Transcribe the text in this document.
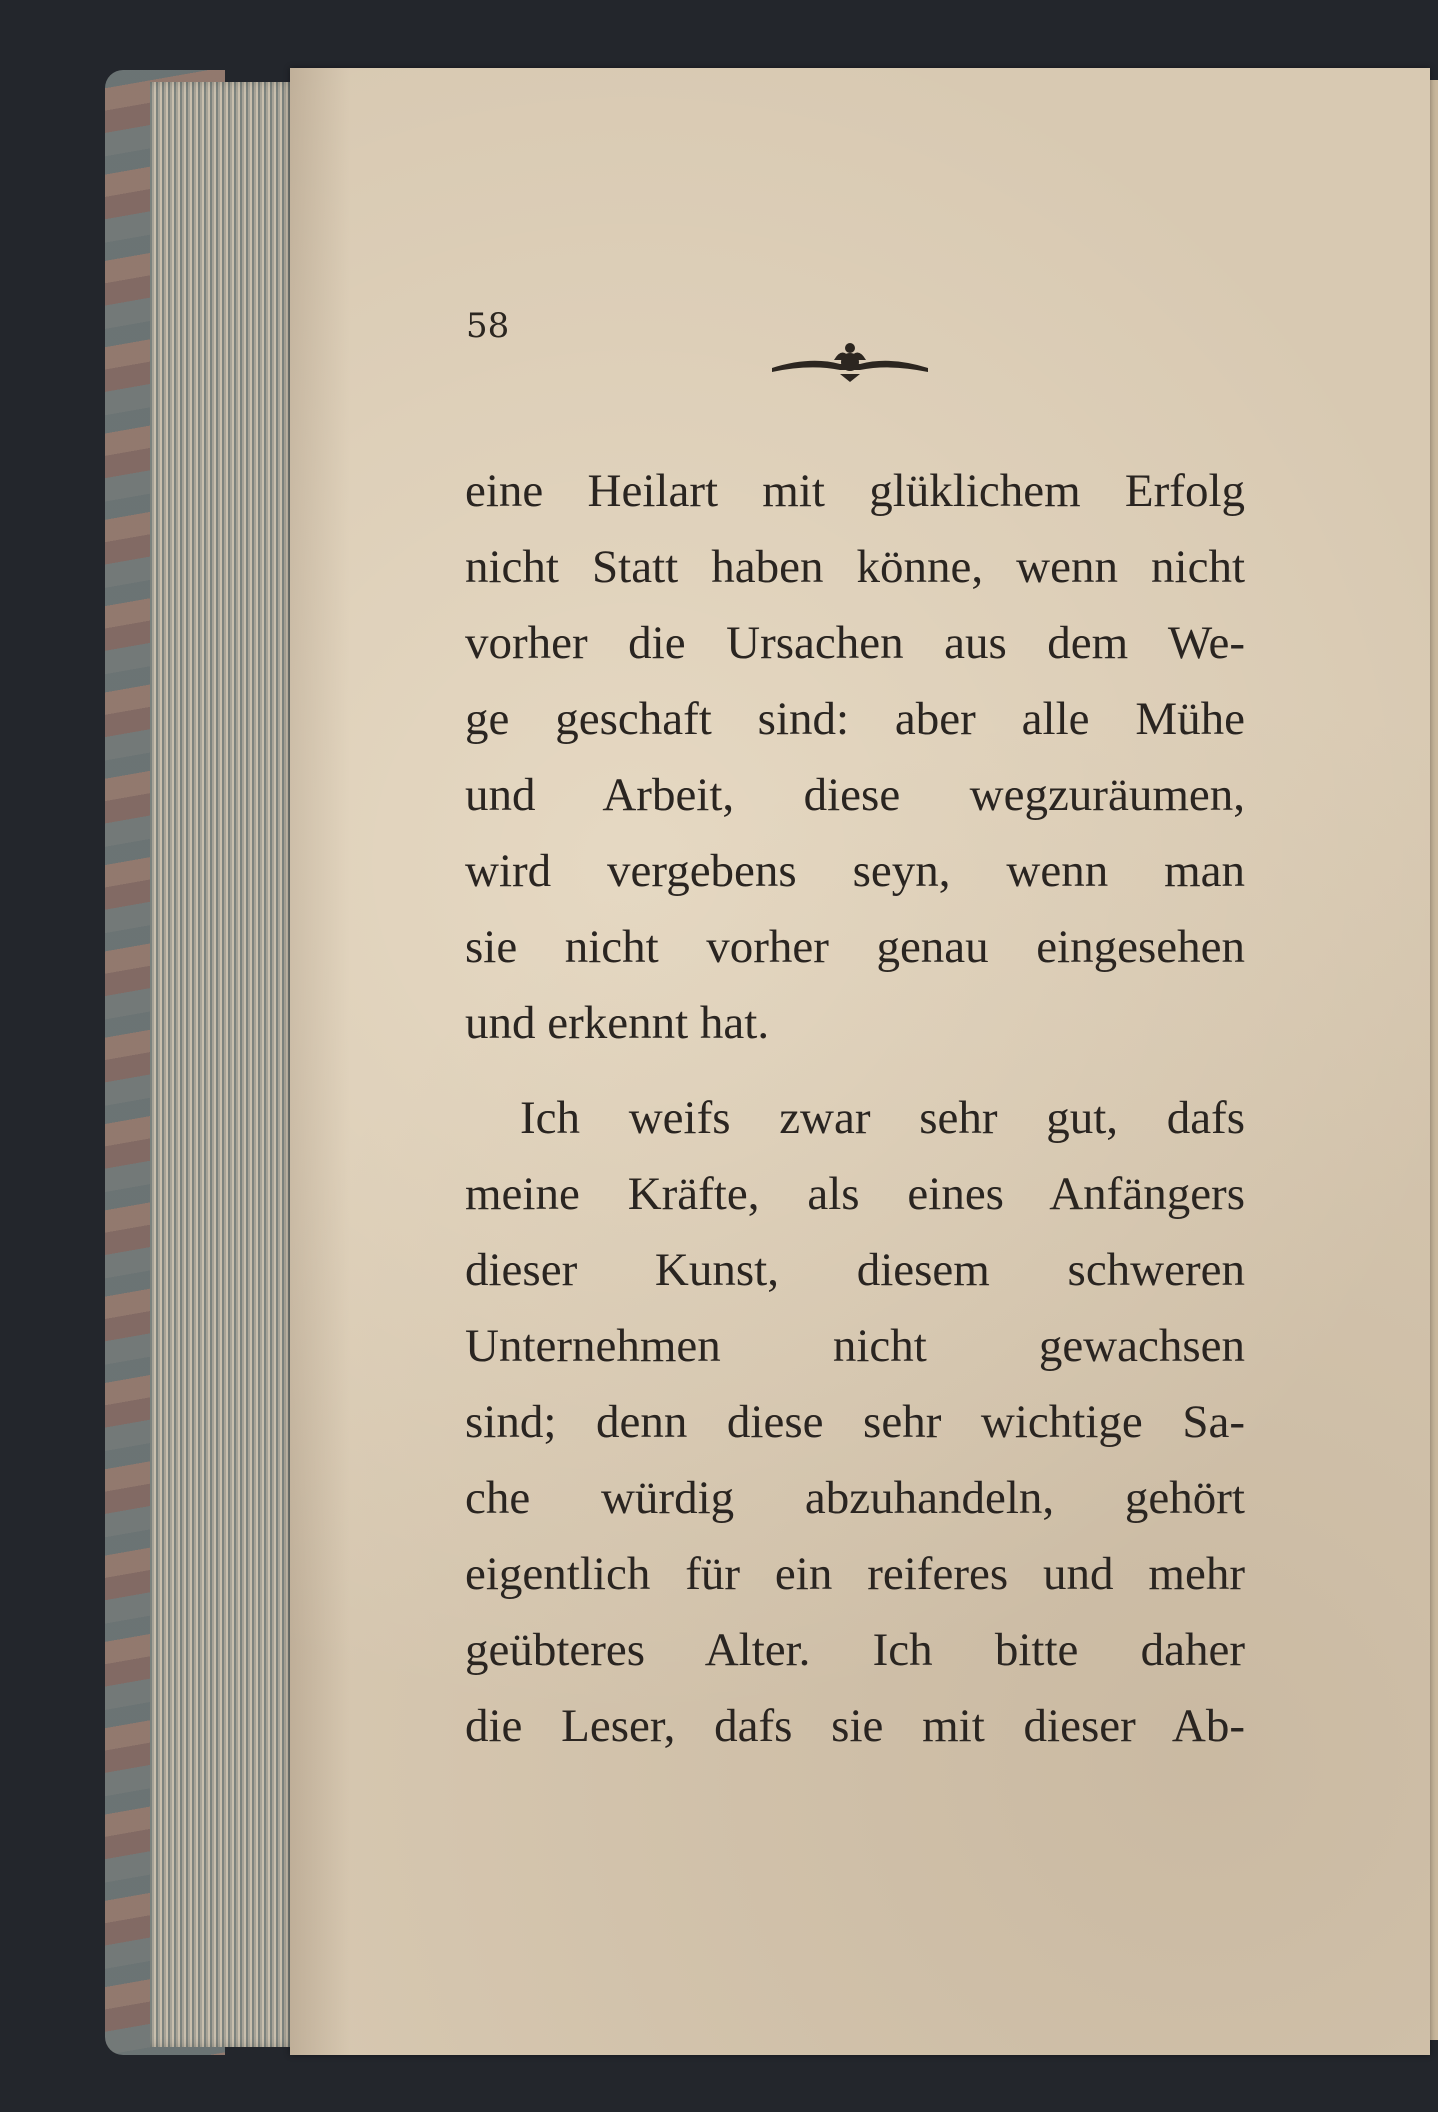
58
eine Heilart mit glüklichem Erfolg
nicht Statt haben könne, wenn nicht
vorher die Ursachen aus dem We-
ge geschaft sind: aber alle Mühe
und Arbeit, diese wegzuräumen,
wird vergebens seyn, wenn man
sie nicht vorher genau eingesehen
und erkennt hat.
Ich weifs zwar sehr gut, dafs
meine Kräfte, als eines Anfängers
dieser Kunst, diesem schweren
Unternehmen nicht gewachsen
sind; denn diese sehr wichtige Sa-
che würdig abzuhandeln, gehört
eigentlich für ein reiferes und mehr
geübteres Alter. Ich bitte daher
die Leser, dafs sie mit dieser Ab-
